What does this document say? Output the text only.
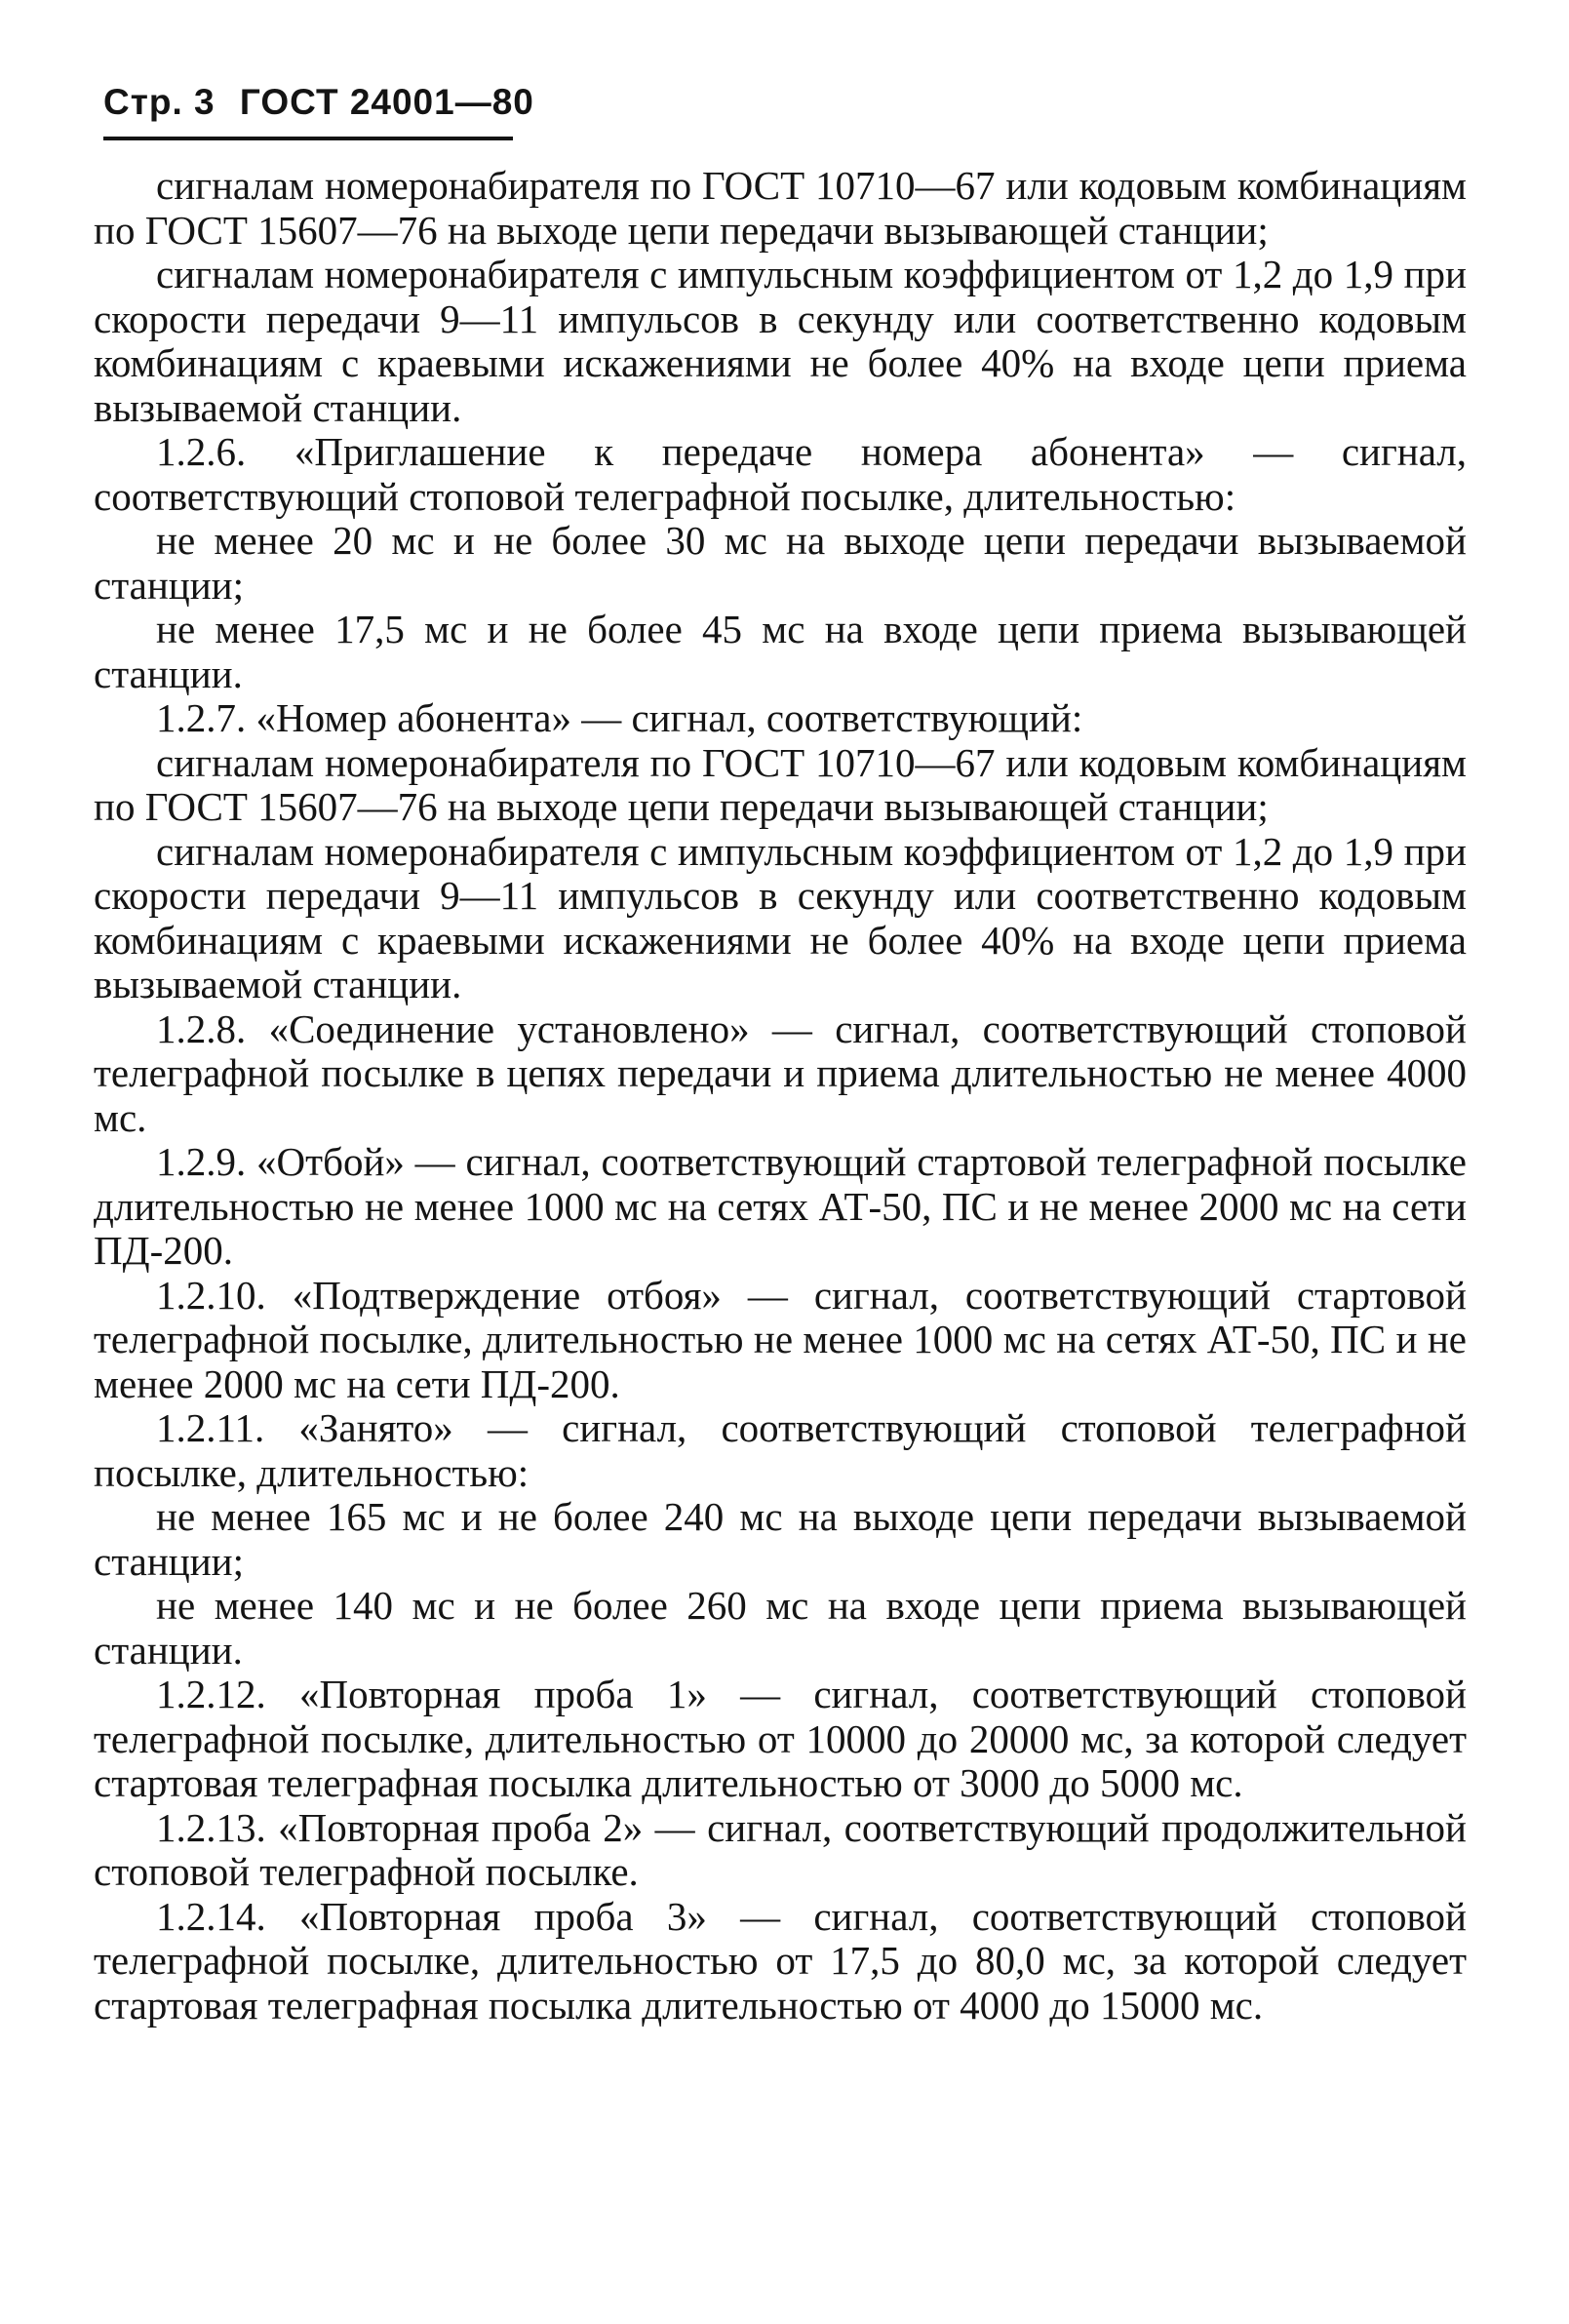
Стр. 3 ГОСТ 24001—80

сигналам номеронабирателя по ГОСТ 10710—67 или кодовым комбинациям по ГОСТ 15607—76 на выходе цепи передачи вызывающей станции;

сигналам номеронабирателя с импульсным коэффициентом от 1,2 до 1,9 при скорости передачи 9—11 импульсов в секунду или соответственно кодовым комбинациям с краевыми искажениями не более 40% на входе цепи приема вызываемой станции.

1.2.6. «Приглашение к передаче номера абонента» — сигнал, соответствующий стоповой телеграфной посылке, длительностью:

не менее 20 мс и не более 30 мс на выходе цепи передачи вызываемой станции;

не менее 17,5 мс и не более 45 мс на входе цепи приема вызывающей станции.

1.2.7. «Номер абонента» — сигнал, соответствующий:

сигналам номеронабирателя по ГОСТ 10710—67 или кодовым комбинациям по ГОСТ 15607—76 на выходе цепи передачи вызывающей станции;

сигналам номеронабирателя с импульсным коэффициентом от 1,2 до 1,9 при скорости передачи 9—11 импульсов в секунду или соответственно кодовым комбинациям с краевыми искажениями не более 40% на входе цепи приема вызываемой станции.

1.2.8. «Соединение установлено» — сигнал, соответствующий стоповой телеграфной посылке в цепях передачи и приема длительностью не менее 4000 мс.

1.2.9. «Отбой» — сигнал, соответствующий стартовой телеграфной посылке длительностью не менее 1000 мс на сетях АТ-50, ПС и не менее 2000 мс на сети ПД-200.

1.2.10. «Подтверждение отбоя» — сигнал, соответствующий стартовой телеграфной посылке, длительностью не менее 1000 мс на сетях АТ-50, ПС и не менее 2000 мс на сети ПД-200.

1.2.11. «Занято» — сигнал, соответствующий стоповой телеграфной посылке, длительностью:

не менее 165 мс и не более 240 мс на выходе цепи передачи вызываемой станции;

не менее 140 мс и не более 260 мс на входе цепи приема вызывающей станции.

1.2.12. «Повторная проба 1» — сигнал, соответствующий стоповой телеграфной посылке, длительностью от 10000 до 20000 мс, за которой следует стартовая телеграфная посылка длительностью от 3000 до 5000 мс.

1.2.13. «Повторная проба 2» — сигнал, соответствующий продолжительной стоповой телеграфной посылке.

1.2.14. «Повторная проба 3» — сигнал, соответствующий стоповой телеграфной посылке, длительностью от 17,5 до 80,0 мс, за которой следует стартовая телеграфная посылка длительностью от 4000 до 15000 мс.
